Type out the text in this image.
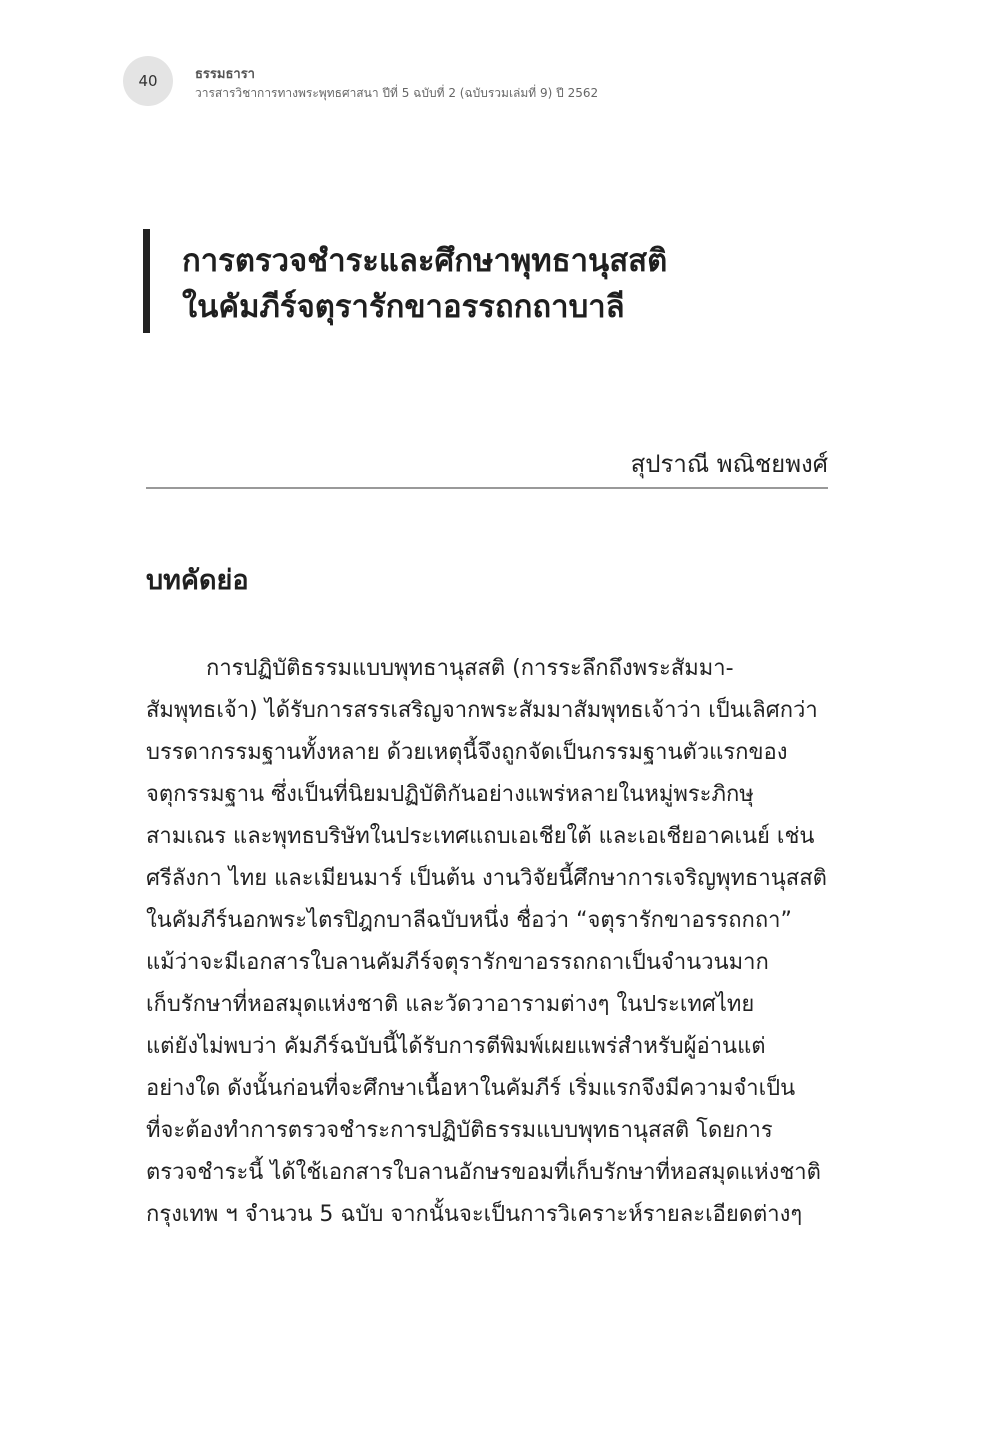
40	ธรรมธารา
วารสารวิชาการทางพระพุทธศาสนา ปีที่ 5 ฉบับที่ 2 (ฉบับรวมเล่มที่ 9) ปี 2562
การตรวจชำระและศึกษาพุทธานุสสติ
ในคัมภีร์จตุรารักขาอรรถกถาบาลี
สุปราณี พณิชยพงศ์
บทคัดย่อ
การปฏิบัติธรรมแบบพุทธานุสสติ (การระลึกถึงพระสัมมา-
สัมพุทธเจ้า) ได้รับการสรรเสริญจากพระสัมมาสัมพุทธเจ้าว่า เป็นเลิศกว่า
บรรดากรรมฐานทั้งหลาย ด้วยเหตุนี้จึงถูกจัดเป็นกรรมฐานตัวแรกของ
จตุกรรมฐาน ซึ่งเป็นที่นิยมปฏิบัติกันอย่างแพร่หลายในหมู่พระภิกษุ
สามเณร และพุทธบริษัทในประเทศแถบเอเชียใต้ และเอเชียอาคเนย์ เช่น
ศรีลังกา ไทย และเมียนมาร์ เป็นต้น งานวิจัยนี้ศึกษาการเจริญพุทธานุสสติ
ในคัมภีร์นอกพระไตรปิฎกบาลีฉบับหนึ่ง ชื่อว่า “จตุรารักขาอรรถกถา”
แม้ว่าจะมีเอกสารใบลานคัมภีร์จตุรารักขาอรรถกถาเป็นจำนวนมาก
เก็บรักษาที่หอสมุดแห่งชาติ และวัดวาอารามต่างๆ ในประเทศไทย
แต่ยังไม่พบว่า คัมภีร์ฉบับนี้ได้รับการตีพิมพ์เผยแพร่สำหรับผู้อ่านแต่
อย่างใด ดังนั้นก่อนที่จะศึกษาเนื้อหาในคัมภีร์ เริ่มแรกจึงมีความจำเป็น
ที่จะต้องทำการตรวจชำระการปฏิบัติธรรมแบบพุทธานุสสติ โดยการ
ตรวจชำระนี้ ได้ใช้เอกสารใบลานอักษรขอมที่เก็บรักษาที่หอสมุดแห่งชาติ
กรุงเทพ ฯ จำนวน 5 ฉบับ จากนั้นจะเป็นการวิเคราะห์รายละเอียดต่างๆ
